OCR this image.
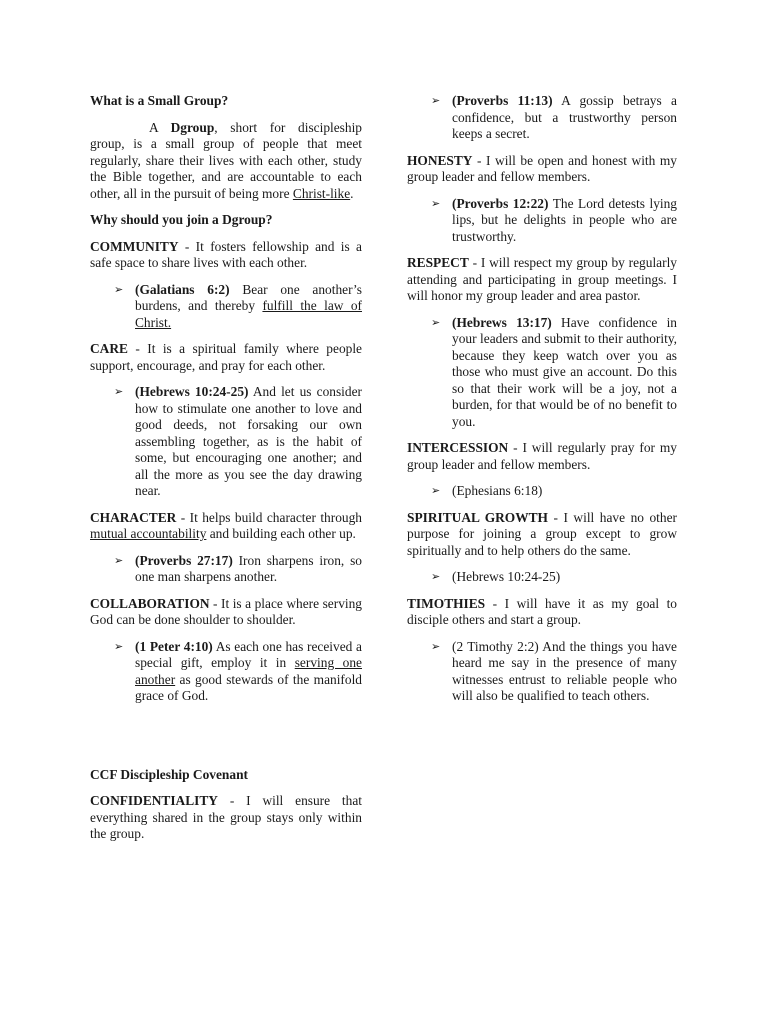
What is a Small Group?

A Dgroup, short for discipleship group, is a small group of people that meet regularly, share their lives with each other, study the Bible together, and are accountable to each other, all in the pursuit of being more Christ-like.

Why should you join a Dgroup?

COMMUNITY - It fosters fellowship and is a safe space to share lives with each other.

➢ (Galatians 6:2) Bear one another’s burdens, and thereby fulfill the law of Christ.

CARE - It is a spiritual family where people support, encourage, and pray for each other.

➢ (Hebrews 10:24-25) And let us consider how to stimulate one another to love and good deeds, not forsaking our own assembling together, as is the habit of some, but encouraging one another; and all the more as you see the day drawing near.

CHARACTER - It helps build character through mutual accountability and building each other up.

➢ (Proverbs 27:17) Iron sharpens iron, so one man sharpens another.

COLLABORATION - It is a place where serving God can be done shoulder to shoulder.

➢ (1 Peter 4:10) As each one has received a special gift, employ it in serving one another as good stewards of the manifold grace of God.

CCF Discipleship Covenant

CONFIDENTIALITY - I will ensure that everything shared in the group stays only within the group.

➢ (Proverbs 11:13) A gossip betrays a confidence, but a trustworthy person keeps a secret.

HONESTY - I will be open and honest with my group leader and fellow members.

➢ (Proverbs 12:22) The Lord detests lying lips, but he delights in people who are trustworthy.

RESPECT - I will respect my group by regularly attending and participating in group meetings. I will honor my group leader and area pastor.

➢ (Hebrews 13:17) Have confidence in your leaders and submit to their authority, because they keep watch over you as those who must give an account. Do this so that their work will be a joy, not a burden, for that would be of no benefit to you.

INTERCESSION - I will regularly pray for my group leader and fellow members.

➢ (Ephesians 6:18)

SPIRITUAL GROWTH - I will have no other purpose for joining a group except to grow spiritually and to help others do the same.

➢ (Hebrews 10:24-25)

TIMOTHIES - I will have it as my goal to disciple others and start a group.

➢ (2 Timothy 2:2) And the things you have heard me say in the presence of many witnesses entrust to reliable people who will also be qualified to teach others.
